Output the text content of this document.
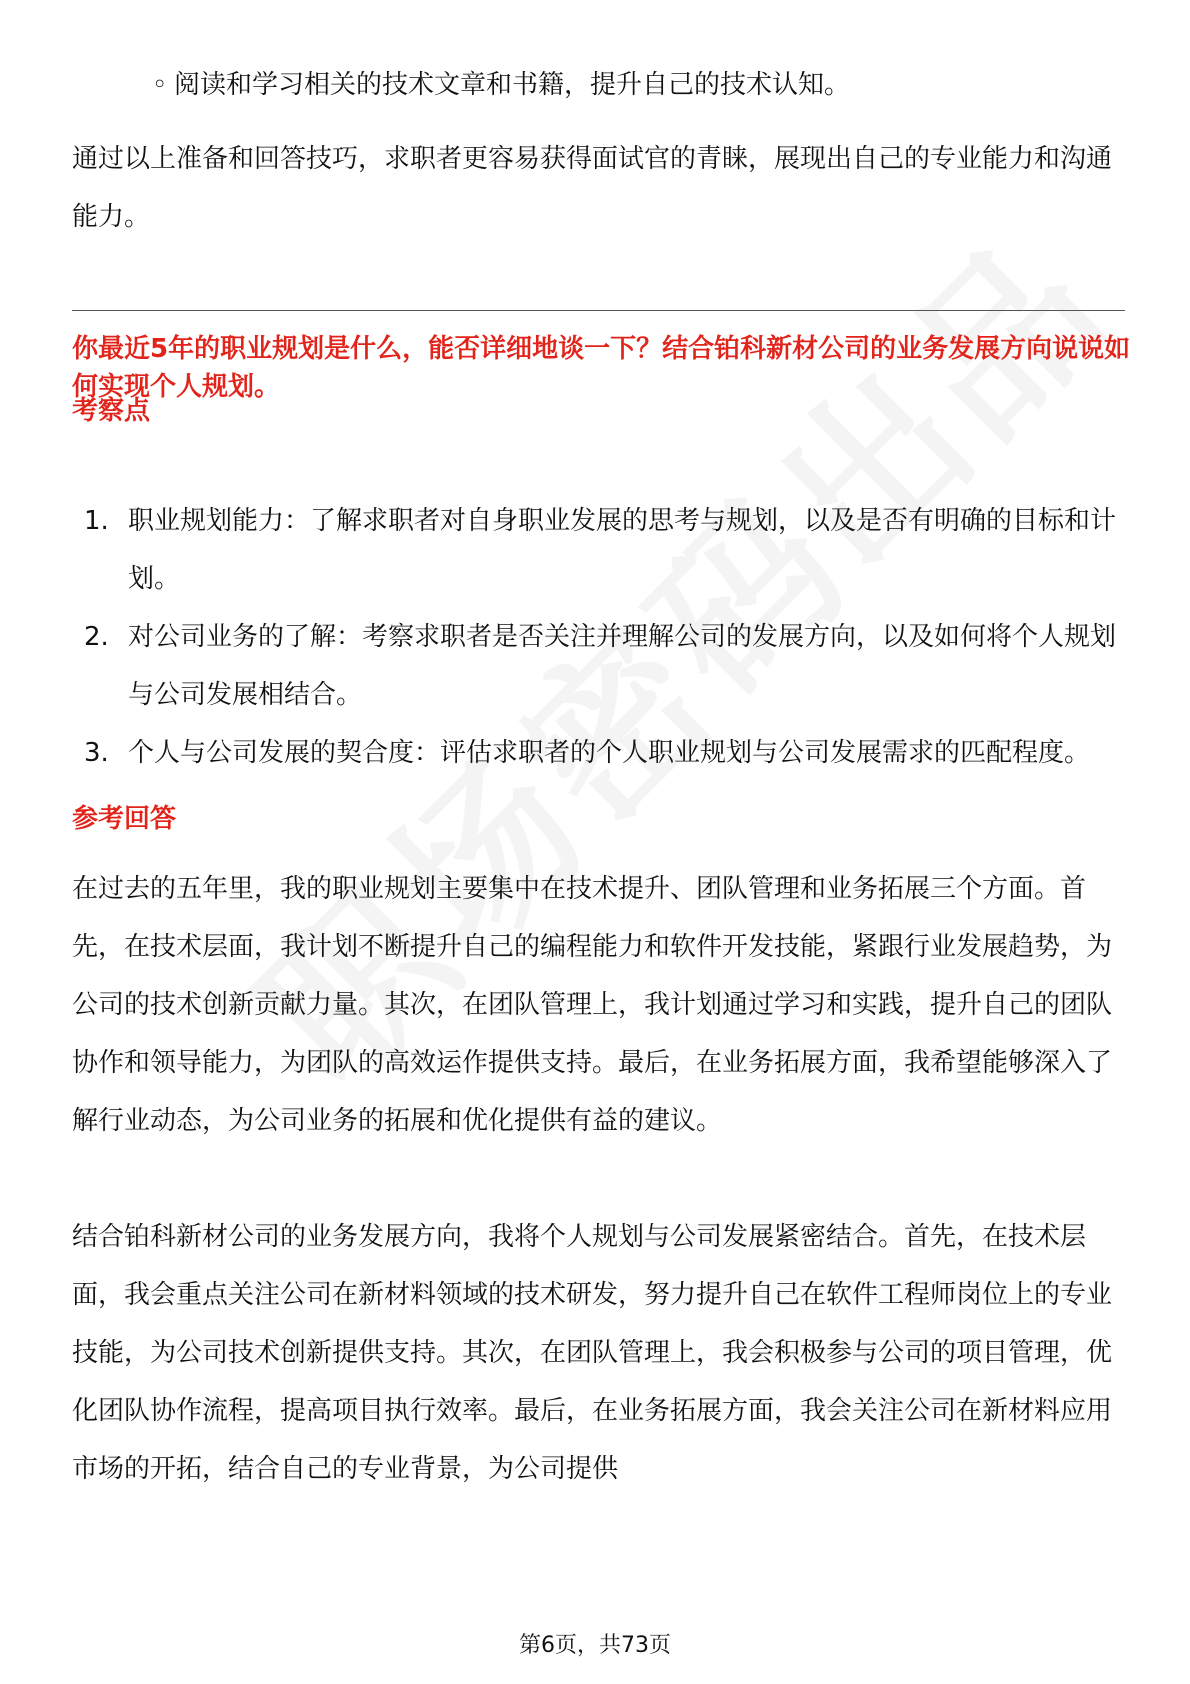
◦ 阅读和学习相关的技术文章和书籍，提升自己的技术认知。

通过以上准备和回答技巧，求职者更容易获得面试官的青睐，展现出自己的专业能力和沟通能力。

你最近5年的职业规划是什么，能否详细地谈一下？结合铂科新材公司的业务发展方向说说如何实现个人规划。

考察点

1. 职业规划能力：了解求职者对自身职业发展的思考与规划，以及是否有明确的目标和计划。
2. 对公司业务的了解：考察求职者是否关注并理解公司的发展方向，以及如何将个人规划与公司发展相结合。
3. 个人与公司发展的契合度：评估求职者的个人职业规划与公司发展需求的匹配程度。

参考回答

在过去的五年里，我的职业规划主要集中在技术提升、团队管理和业务拓展三个方面。首先，在技术层面，我计划不断提升自己的编程能力和软件开发技能，紧跟行业发展趋势，为公司的技术创新贡献力量。其次，在团队管理上，我计划通过学习和实践，提升自己的团队协作和领导能力，为团队的高效运作提供支持。最后，在业务拓展方面，我希望能够深入了解行业动态，为公司业务的拓展和优化提供有益的建议。

结合铂科新材公司的业务发展方向，我将个人规划与公司发展紧密结合。首先，在技术层面，我会重点关注公司在新材料领域的技术研发，努力提升自己在软件工程师岗位上的专业技能，为公司技术创新提供支持。其次，在团队管理上，我会积极参与公司的项目管理，优化团队协作流程，提高项目执行效率。最后，在业务拓展方面，我会关注公司在新材料应用市场的开拓，结合自己的专业背景，为公司提供

第6页，共73页
